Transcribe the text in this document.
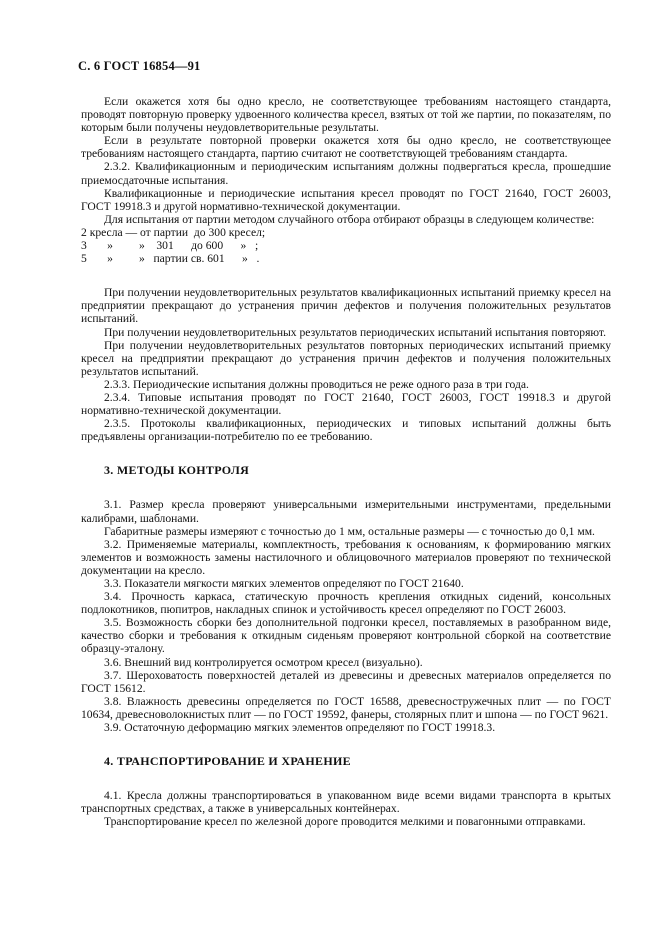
С. 6 ГОСТ 16854—91

Если окажется хотя бы одно кресло, не соответствующее требованиям настоящего стандарта, проводят повторную проверку удвоенного количества кресел, взятых от той же партии, по показателям, по которым были получены неудовлетворительные результаты.

Если в результате повторной проверки окажется хотя бы одно кресло, не соответствующее требованиям настоящего стандарта, партию считают не соответствующей требованиям стандарта.

2.3.2. Квалификационным и периодическим испытаниям должны подвергаться кресла, прошедшие приемосдаточные испытания.

Квалификационные и периодические испытания кресел проводят по ГОСТ 21640, ГОСТ 26003, ГОСТ 19918.3 и другой нормативно-технической документации.

Для испытания от партии методом случайного отбора отбирают образцы в следующем количестве:

2 кресла — от партии  до 300 кресел;
3       »         »    301      до 600      »   ;
5       »         »   партии св. 601      »   .

При получении неудовлетворительных результатов квалификационных испытаний приемку кресел на предприятии прекращают до устранения причин дефектов и получения положительных результатов испытаний.

При получении неудовлетворительных результатов периодических испытаний испытания повторяют.

При получении неудовлетворительных результатов повторных периодических испытаний приемку кресел на предприятии прекращают до устранения причин дефектов и получения положительных результатов испытаний.

2.3.3. Периодические испытания должны проводиться не реже одного раза в три года.

2.3.4. Типовые испытания проводят по ГОСТ 21640, ГОСТ 26003, ГОСТ 19918.3 и другой нормативно-технической документации.

2.3.5. Протоколы квалификационных, периодических и типовых испытаний должны быть предъявлены организации-потребителю по ее требованию.

3. МЕТОДЫ КОНТРОЛЯ

3.1. Размер кресла проверяют универсальными измерительными инструментами, предельными калибрами, шаблонами.

Габаритные размеры измеряют с точностью до 1 мм, остальные размеры — с точностью до 0,1 мм.

3.2. Применяемые материалы, комплектность, требования к основаниям, к формированию мягких элементов и возможность замены настилочного и облицовочного материалов проверяют по технической документации на кресло.

3.3. Показатели мягкости мягких элементов определяют по ГОСТ 21640.

3.4. Прочность каркаса, статическую прочность крепления откидных сидений, консольных подлокотников, пюпитров, накладных спинок и устойчивость кресел определяют по ГОСТ 26003.

3.5. Возможность сборки без дополнительной подгонки кресел, поставляемых в разобранном виде, качество сборки и требования к откидным сиденьям проверяют контрольной сборкой на соответствие образцу-эталону.

3.6. Внешний вид контролируется осмотром кресел (визуально).

3.7. Шероховатость поверхностей деталей из древесины и древесных материалов определяется по ГОСТ 15612.

3.8. Влажность древесины определяется по ГОСТ 16588, древесностружечных плит — по ГОСТ 10634, древесноволокнистых плит — по ГОСТ 19592, фанеры, столярных плит и шпона — по ГОСТ 9621.

3.9. Остаточную деформацию мягких элементов определяют по ГОСТ 19918.3.

4. ТРАНСПОРТИРОВАНИЕ И ХРАНЕНИЕ

4.1. Кресла должны транспортироваться в упакованном виде всеми видами транспорта в крытых транспортных средствах, а также в универсальных контейнерах.

Транспортирование кресел по железной дороге проводится мелкими и повагонными отправками.
